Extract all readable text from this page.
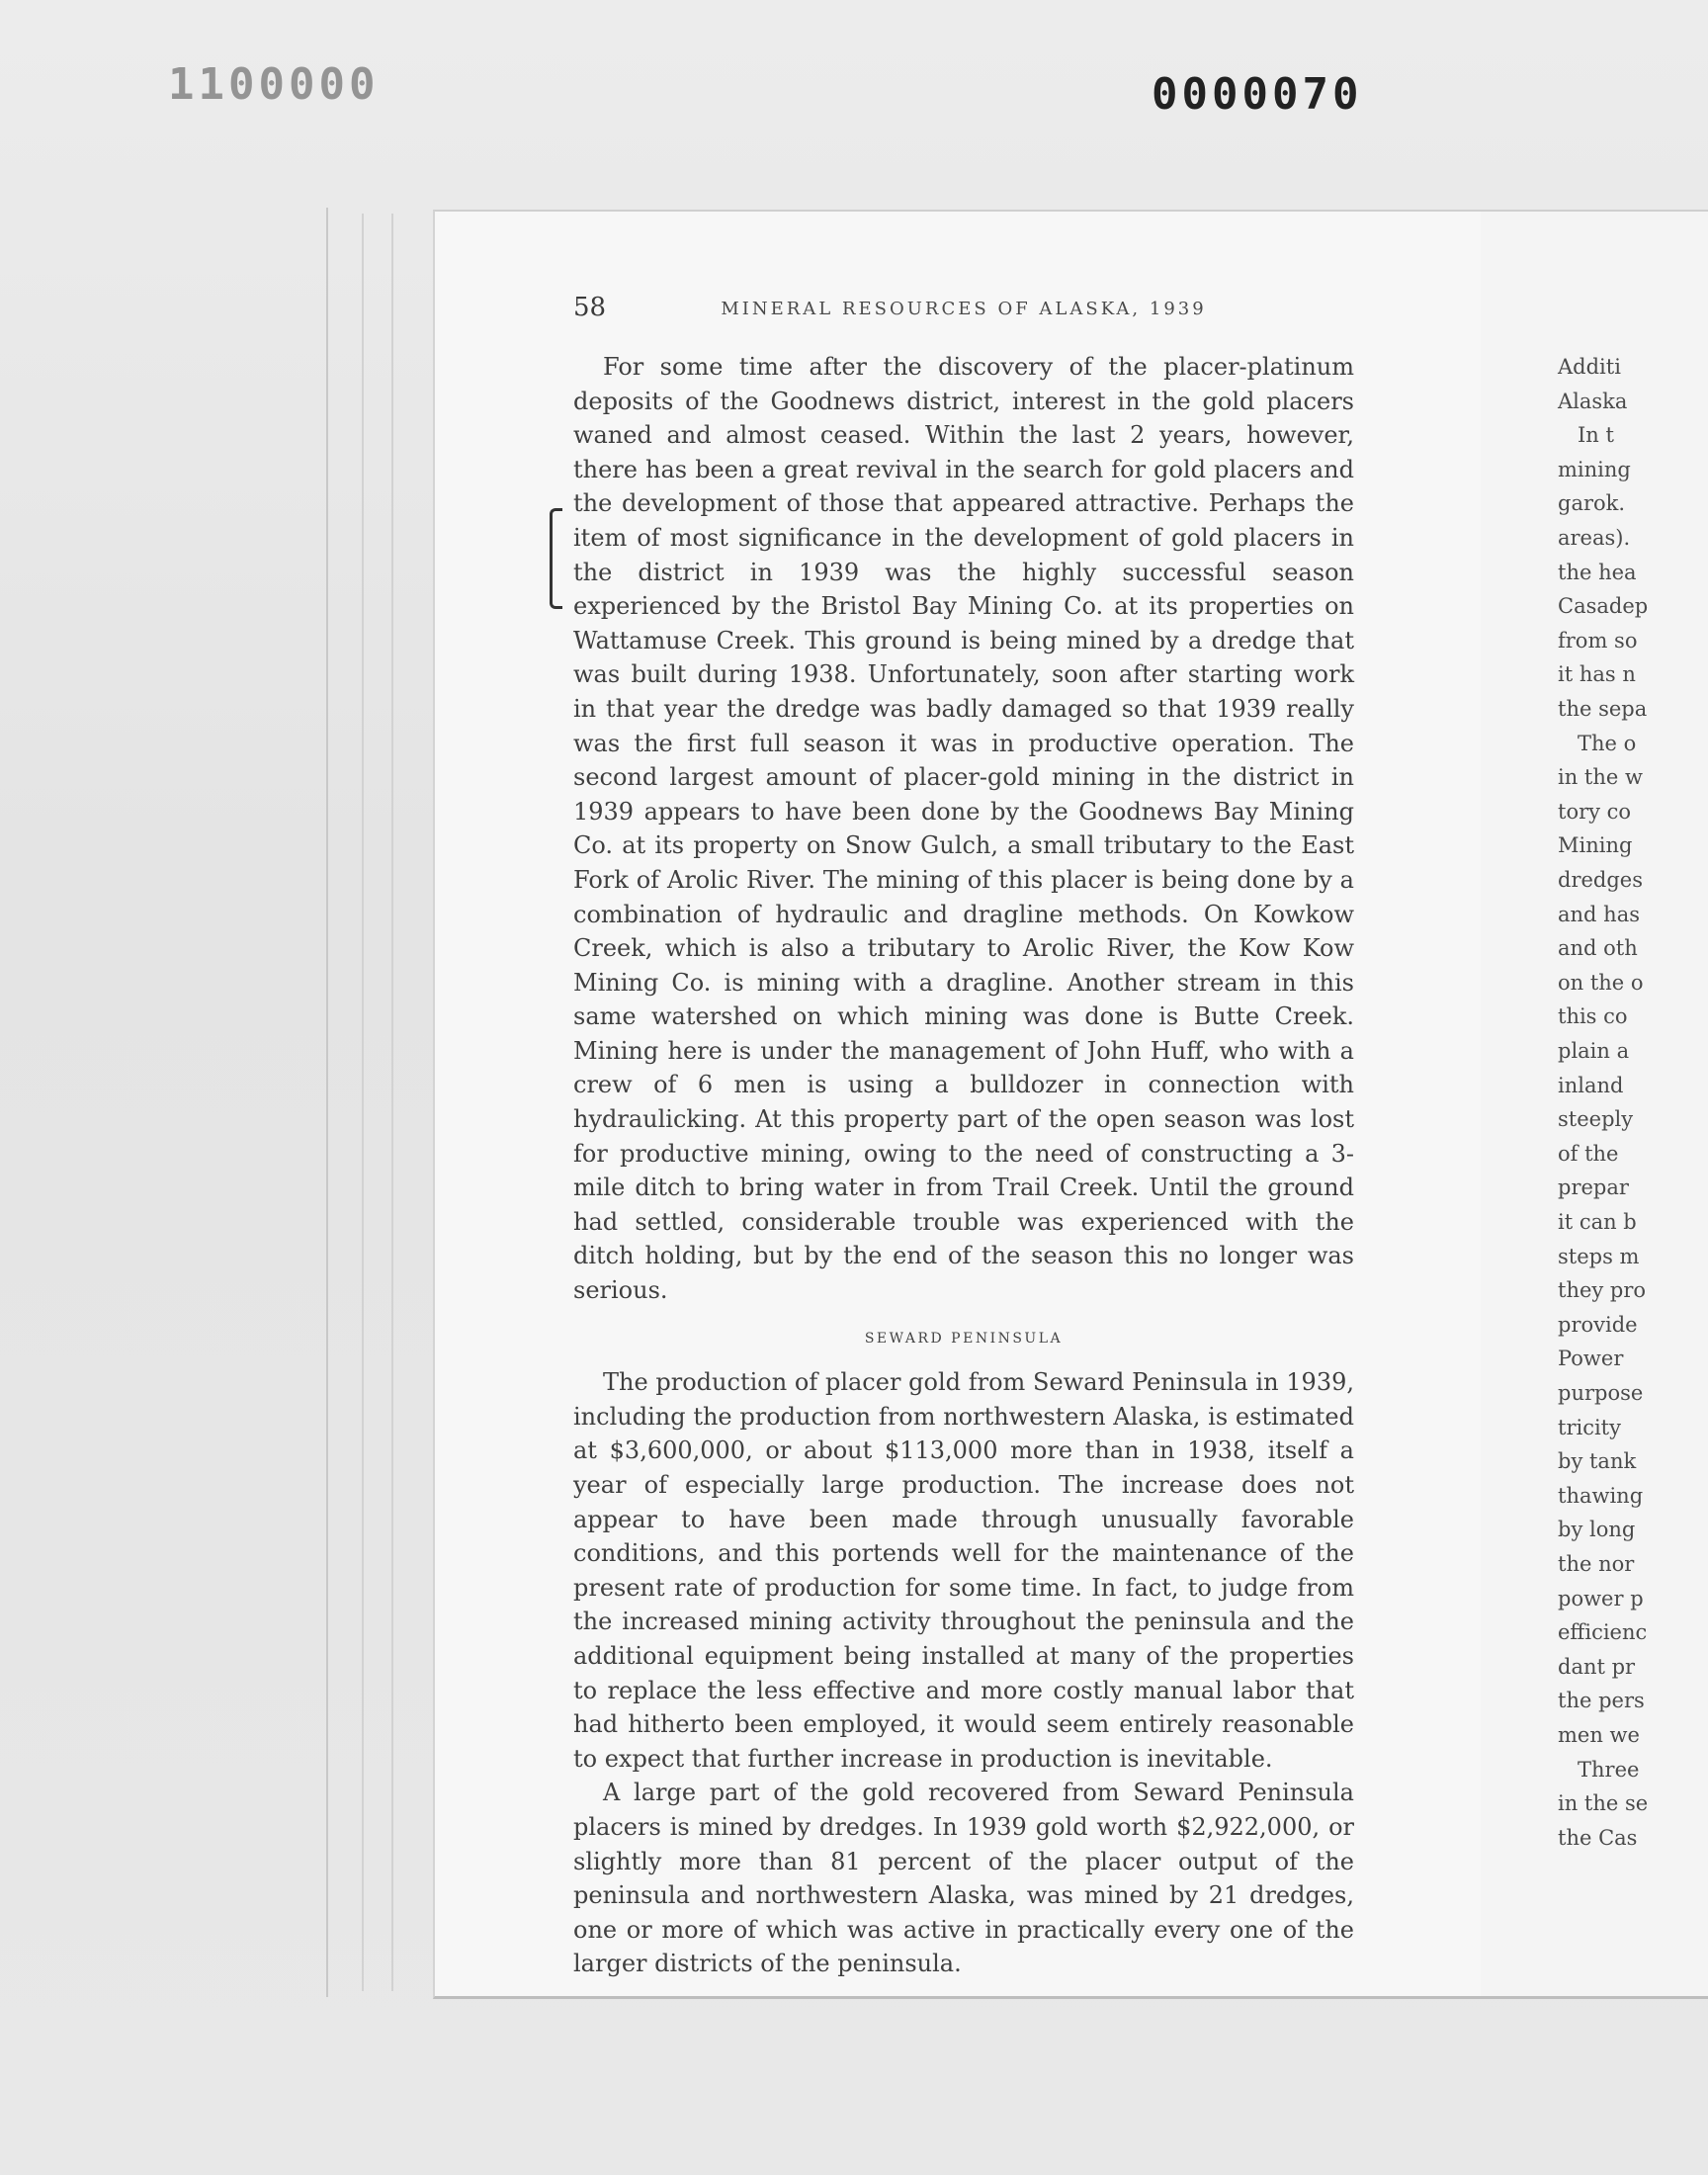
1100000	0000070
58	MINERAL RESOURCES OF ALASKA, 1939

For some time after the discovery of the placer-platinum deposits of the Goodnews district, interest in the gold placers waned and almost ceased. Within the last 2 years, however, there has been a great revival in the search for gold placers and the development of those that appeared attractive. Perhaps the item of most significance in the development of gold placers in the district in 1939 was the highly successful season experienced by the Bristol Bay Mining Co. at its properties on Wattamuse Creek. This ground is being mined by a dredge that was built during 1938. Unfortunately, soon after starting work in that year the dredge was badly damaged so that 1939 really was the first full season it was in productive operation. The second largest amount of placer-gold mining in the district in 1939 appears to have been done by the Goodnews Bay Mining Co. at its property on Snow Gulch, a small tributary to the East Fork of Arolic River. The mining of this placer is being done by a combination of hydraulic and dragline methods. On Kowkow Creek, which is also a tributary to Arolic River, the Kow Kow Mining Co. is mining with a dragline. Another stream in this same watershed on which mining was done is Butte Creek. Mining here is under the management of John Huff, who with a crew of 6 men is using a bulldozer in connection with hydraulicking. At this property part of the open season was lost for productive mining, owing to the need of constructing a 3-mile ditch to bring water in from Trail Creek. Until the ground had settled, considerable trouble was experienced with the ditch holding, but by the end of the season this no longer was serious.

SEWARD PENINSULA

The production of placer gold from Seward Peninsula in 1939, including the production from northwestern Alaska, is estimated at $3,600,000, or about $113,000 more than in 1938, itself a year of especially large production. The increase does not appear to have been made through unusually favorable conditions, and this portends well for the maintenance of the present rate of production for some time. In fact, to judge from the increased mining activity throughout the peninsula and the additional equipment being installed at many of the properties to replace the less effective and more costly manual labor that had hitherto been employed, it would seem entirely reasonable to expect that further increase in production is inevitable.

A large part of the gold recovered from Seward Peninsula placers is mined by dredges. In 1939 gold worth $2,922,000, or slightly more than 81 percent of the placer output of the peninsula and northwestern Alaska, was mined by 21 dredges, one or more of which was active in practically every one of the larger districts of the peninsula.

Additi
Alaska
In t
mining
garok.
areas).
the hea
Casadep
from so
it has n
the sepa
The o
in the w
tory co
Mining
dredges
and has
and oth
on the o
this co
plain a
inland
steeply
of the
prepar
it can b
steps m
they pro
provide
Power
purpose
tricity
by tank
thawing
by long
the nor
power p
efficienc
dant pr
the pers
men we
Three
in the se
the Cas
